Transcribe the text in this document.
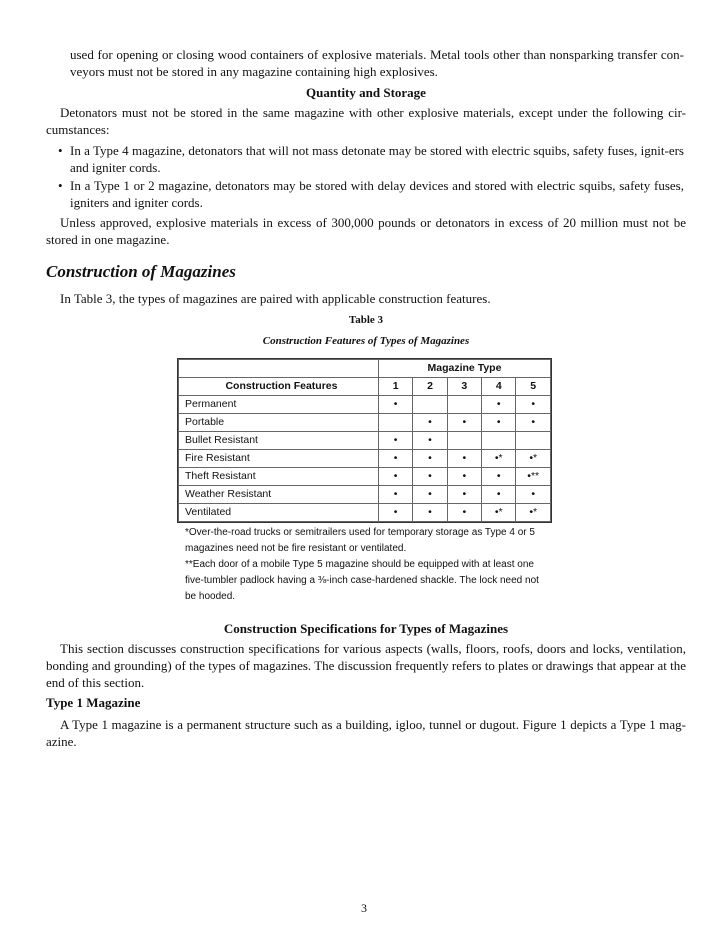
used for opening or closing wood containers of explosive materials. Metal tools other than nonsparking transfer con-veyors must not be stored in any magazine containing high explosives.
Quantity and Storage
Detonators must not be stored in the same magazine with other explosive materials, except under the following cir-cumstances:
• In a Type 4 magazine, detonators that will not mass detonate may be stored with electric squibs, safety fuses, ignit-ers and igniter cords.
• In a Type 1 or 2 magazine, detonators may be stored with delay devices and stored with electric squibs, safety fuses, igniters and igniter cords.
Unless approved, explosive materials in excess of 300,000 pounds or detonators in excess of 20 million must not be stored in one magazine.
Construction of Magazines
In Table 3, the types of magazines are paired with applicable construction features.
Table 3
Construction Features of Types of Magazines
	Magazine Type				
Construction Features	1	2	3	4	5
Permanent	•			•	•
Portable		•	•	•	•
Bullet Resistant	•	•			
Fire Resistant	•	•	•	•*	•*
Theft Resistant	•	•	•	•	•**
Weather Resistant	•	•	•	•	•
Ventilated	•	•	•	•*	•*
*Over-the-road trucks or semitrailers used for temporary storage as Type 4 or 5 magazines need not be fire resistant or ventilated.
**Each door of a mobile Type 5 magazine should be equipped with at least one five-tumbler padlock having a ⅜-inch case-hardened shackle. The lock need not be hooded.
Construction Specifications for Types of Magazines
This section discusses construction specifications for various aspects (walls, floors, roofs, doors and locks, ventilation, bonding and grounding) of the types of magazines. The discussion frequently refers to plates or drawings that appear at the end of this section.
Type 1 Magazine
A Type 1 magazine is a permanent structure such as a building, igloo, tunnel or dugout. Figure 1 depicts a Type 1 mag-azine.
3
